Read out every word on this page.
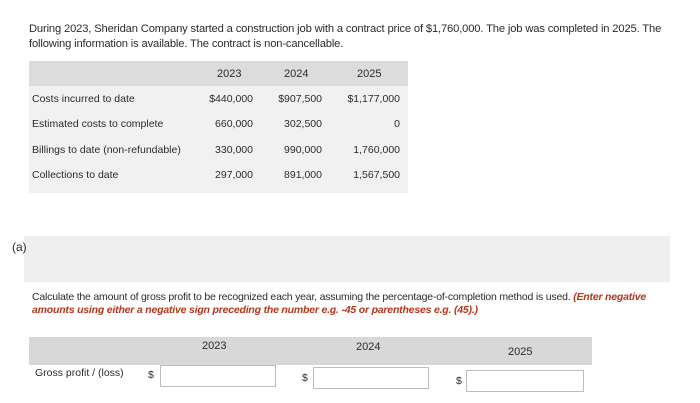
During 2023, Sheridan Company started a construction job with a contract price of $1,760,000. The job was completed in 2025. The following information is available. The contract is non-cancellable.
2023	2024	2025
Costs incurred to date	$440,000 $907,500 $1,177,000
Estimated costs to complete	660,000	302,500	0
Billings to date (non-refundable)	330,000	990,000	1,760,000
Collections to date	297,000	891,000	1,567,500
(a)
Calculate the amount of gross profit to be recognized each year, assuming the percentage-of-completion method is used. (Enter negative amounts using either a negative sign preceding the number e.g. -45 or parentheses e.g. (45).)
2023	2024	2025
Gross profit / (loss) $	$	$
